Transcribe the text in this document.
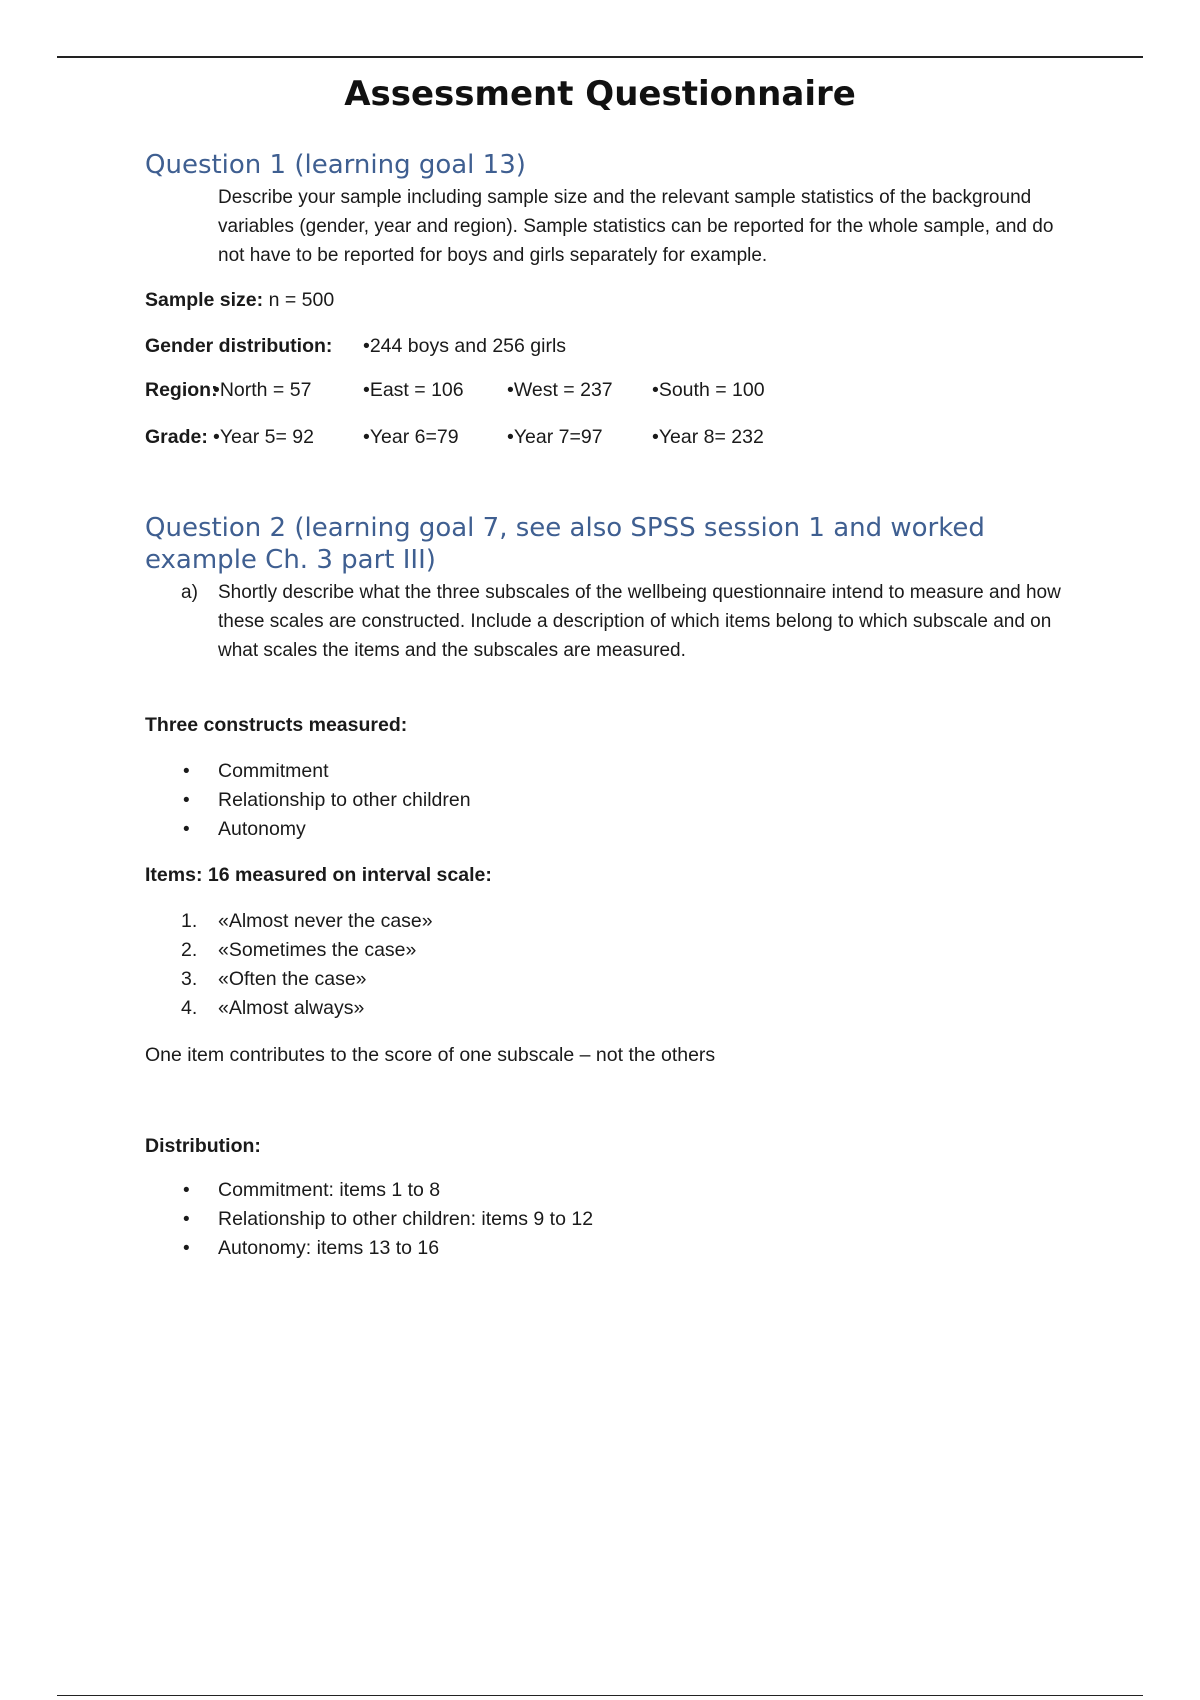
Assessment Questionnaire
Question 1 (learning goal 13)
Describe your sample including sample size and the relevant sample statistics of the background variables (gender, year and region). Sample statistics can be reported for the whole sample, and do not have to be reported for boys and girls separately for example.
Sample size: n = 500
Gender distribution: •244 boys and 256 girls
Region:
•North = 57	•East = 106 •West = 237 •South = 100
Grade: •Year 5= 92	•Year 6=79 •Year 7=97	•Year 8= 232
Question 2 (learning goal 7, see also SPSS session 1 and worked
example Ch. 3 part III)
a) Shortly describe what the three subscales of the wellbeing questionnaire intend to measure and how these scales are constructed. Include a description of which items belong to which subscale and on what scales the items and the subscales are measured.
Three constructs measured:
• Commitment
• Relationship to other children
• Autonomy
Items: 16 measured on interval scale:
1. «Almost never the case»
2. «Sometimes the case»
3. «Often the case»
4. «Almost always»
One item contributes to the score of one subscale – not the others
Distribution:
• Commitment: items 1 to 8
• Relationship to other children: items 9 to 12
• Autonomy: items 13 to 16
